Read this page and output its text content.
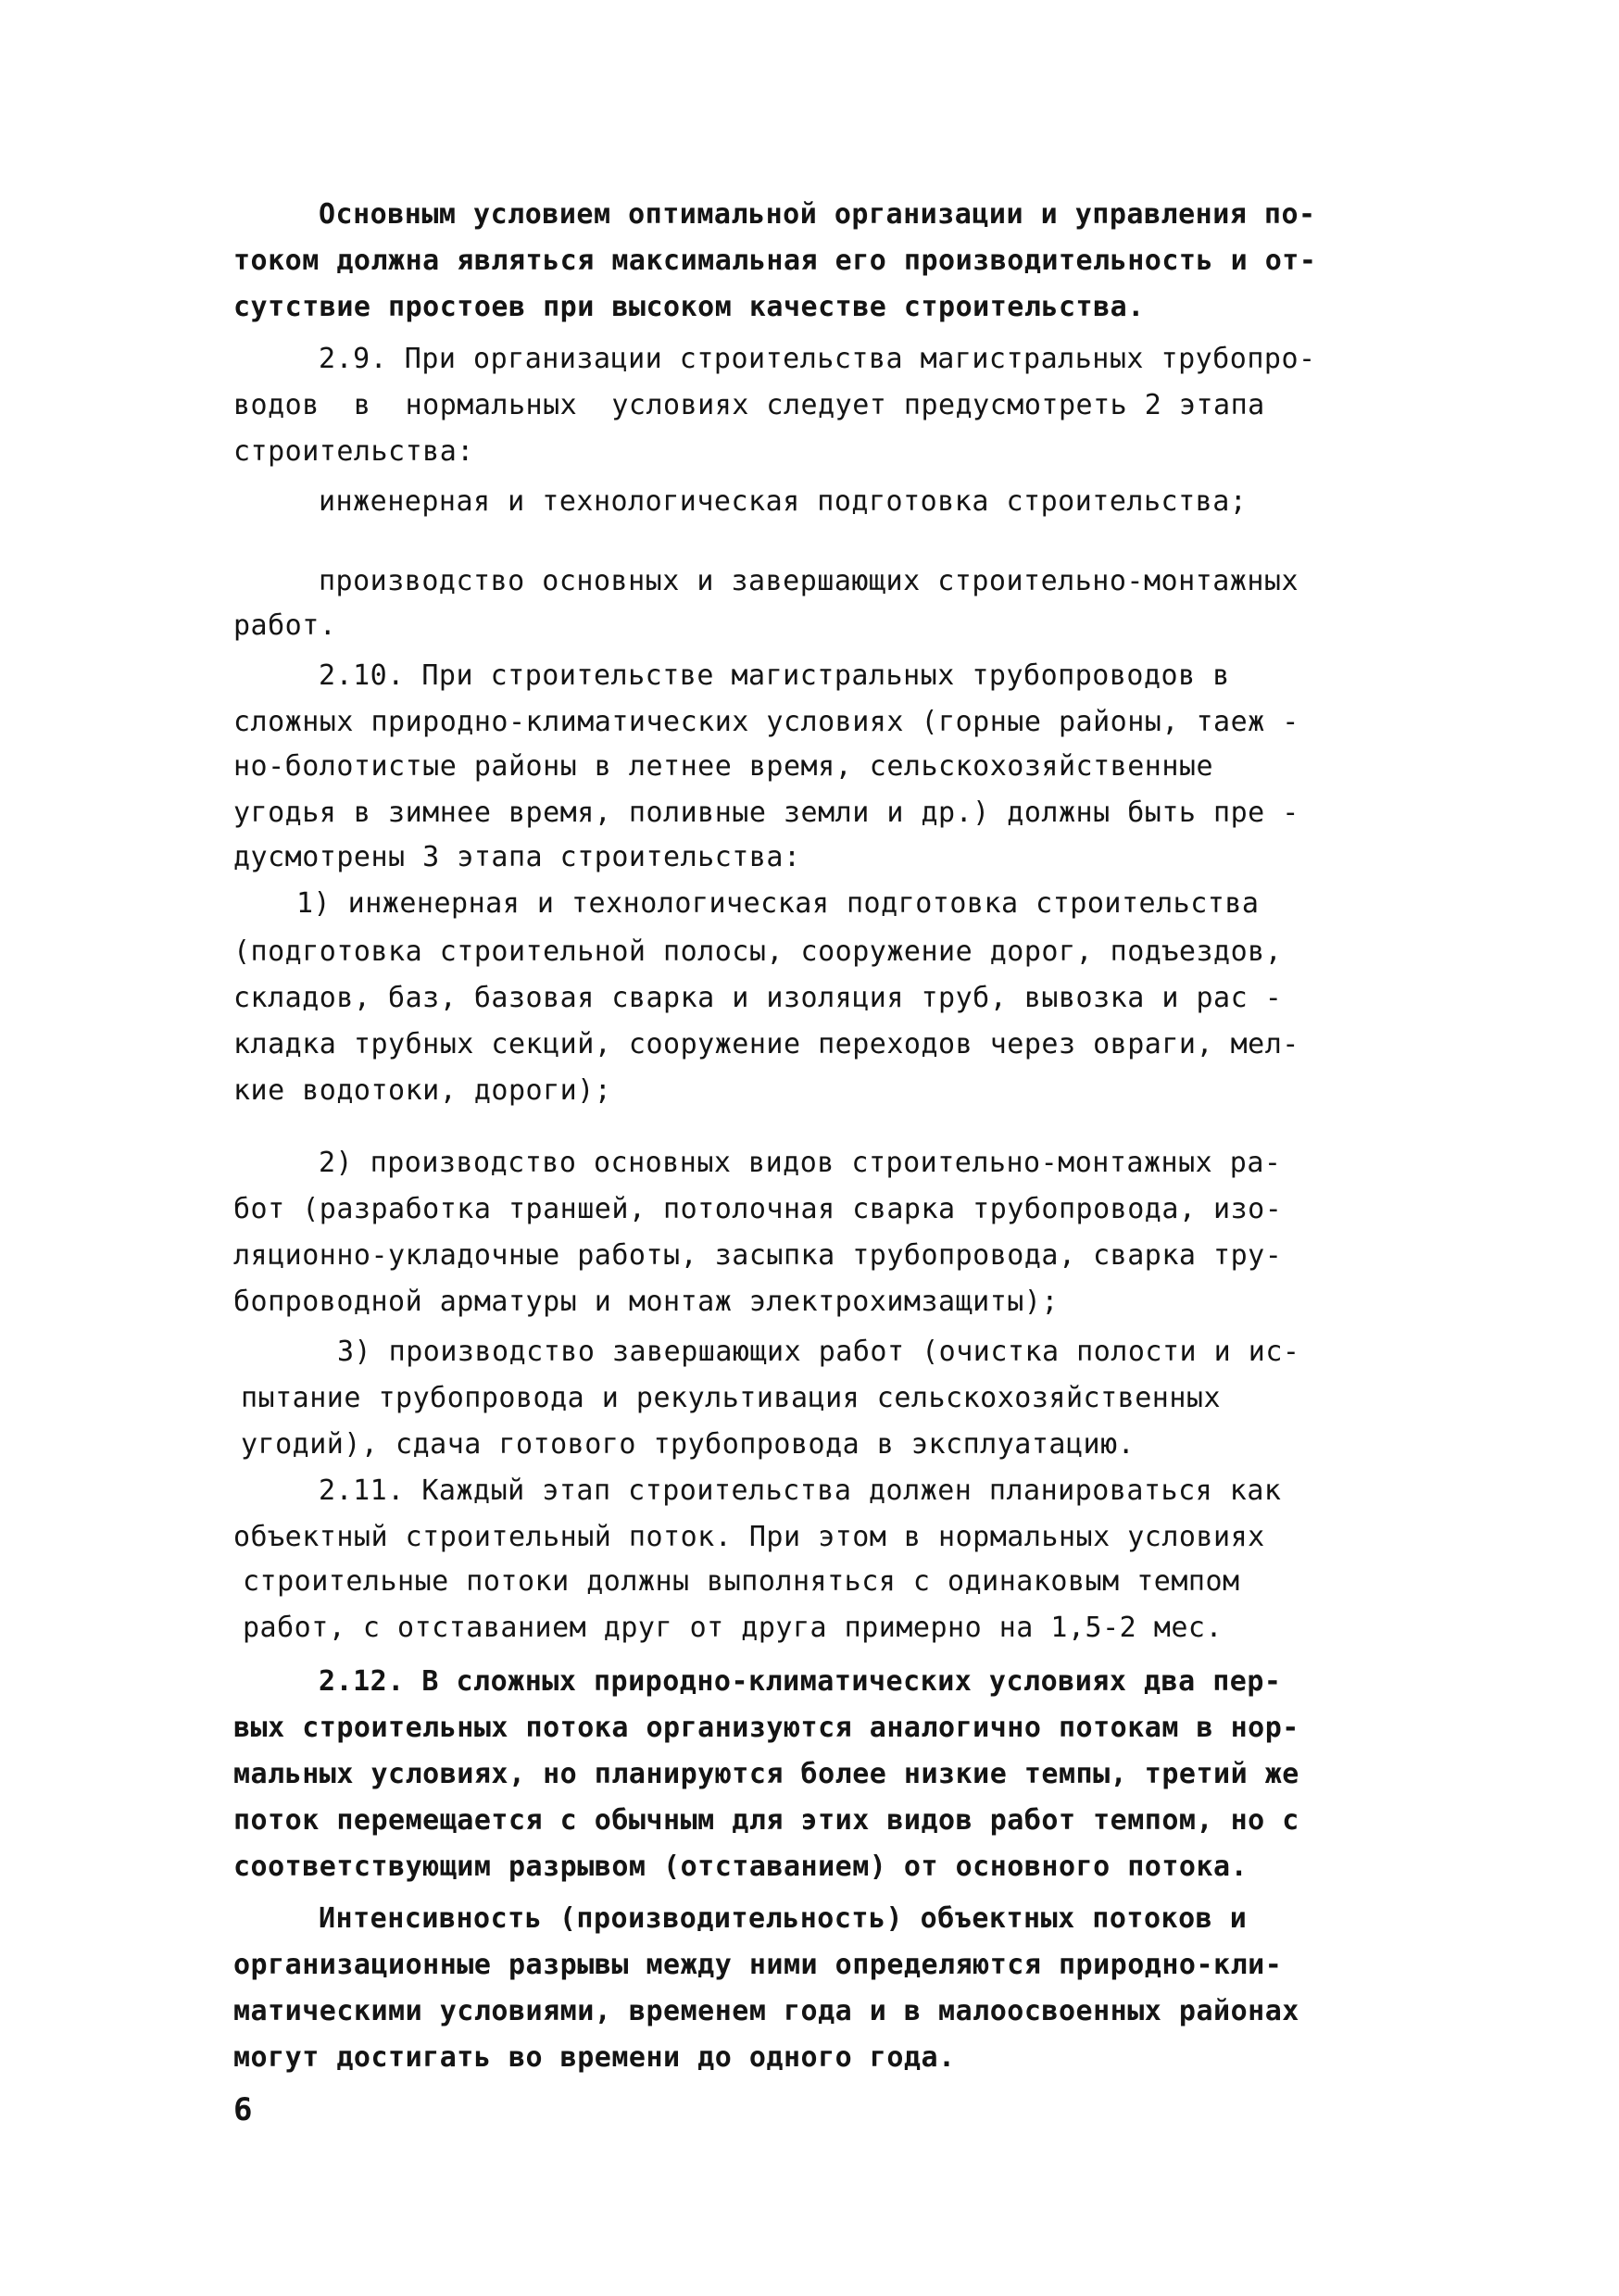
Основным условием оптимальной организации и управления по-
током должна являться максимальная его производительность и от-
сутствие простоев при высоком качестве строительства.
2.9. При организации строительства магистральных трубопро-
водов  в  нормальных  условиях следует предусмотреть 2 этапа
строительства:
инженерная и технологическая подготовка строительства;
производство основных и завершающих строительно-монтажных
работ.
2.10. При строительстве магистральных трубопроводов в
сложных природно-климатических условиях (горные районы, таеж -
но-болотистые районы в летнее время, сельскохозяйственные
угодья в зимнее время, поливные земли и др.) должны быть пре -
дусмотрены 3 этапа строительства:
1) инженерная и технологическая подготовка строительства
(подготовка строительной полосы, сооружение дорог, подъездов,
складов, баз, базовая сварка и изоляция труб, вывозка и рас -
кладка трубных секций, сооружение переходов через овраги, мел-
кие водотоки, дороги);
2) производство основных видов строительно-монтажных ра-
бот (разработка траншей, потолочная сварка трубопровода, изо-
ляционно-укладочные работы, засыпка трубопровода, сварка тру-
бопроводной арматуры и монтаж электрохимзащиты);
3) производство завершающих работ (очистка полости и ис-
пытание трубопровода и рекультивация сельскохозяйственных
угодий), сдача готового трубопровода в эксплуатацию.
2.11. Каждый этап строительства должен планироваться как
объектный строительный поток. При этом в нормальных условиях
строительные потоки должны выполняться с одинаковым темпом
работ, с отставанием друг от друга примерно на 1,5-2 мес.
2.12. В сложных природно-климатических условиях два пер-
вых строительных потока организуются аналогично потокам в нор-
мальных условиях, но планируются более низкие темпы, третий же
поток перемещается с обычным для этих видов работ темпом, но с
соответствующим разрывом (отставанием) от основного потока.
Интенсивность (производительность) объектных потоков и
организационные разрывы между ними определяются природно-кли-
матическими условиями, временем года и в малоосвоенных районах
могут достигать во времени до одного года.
6
